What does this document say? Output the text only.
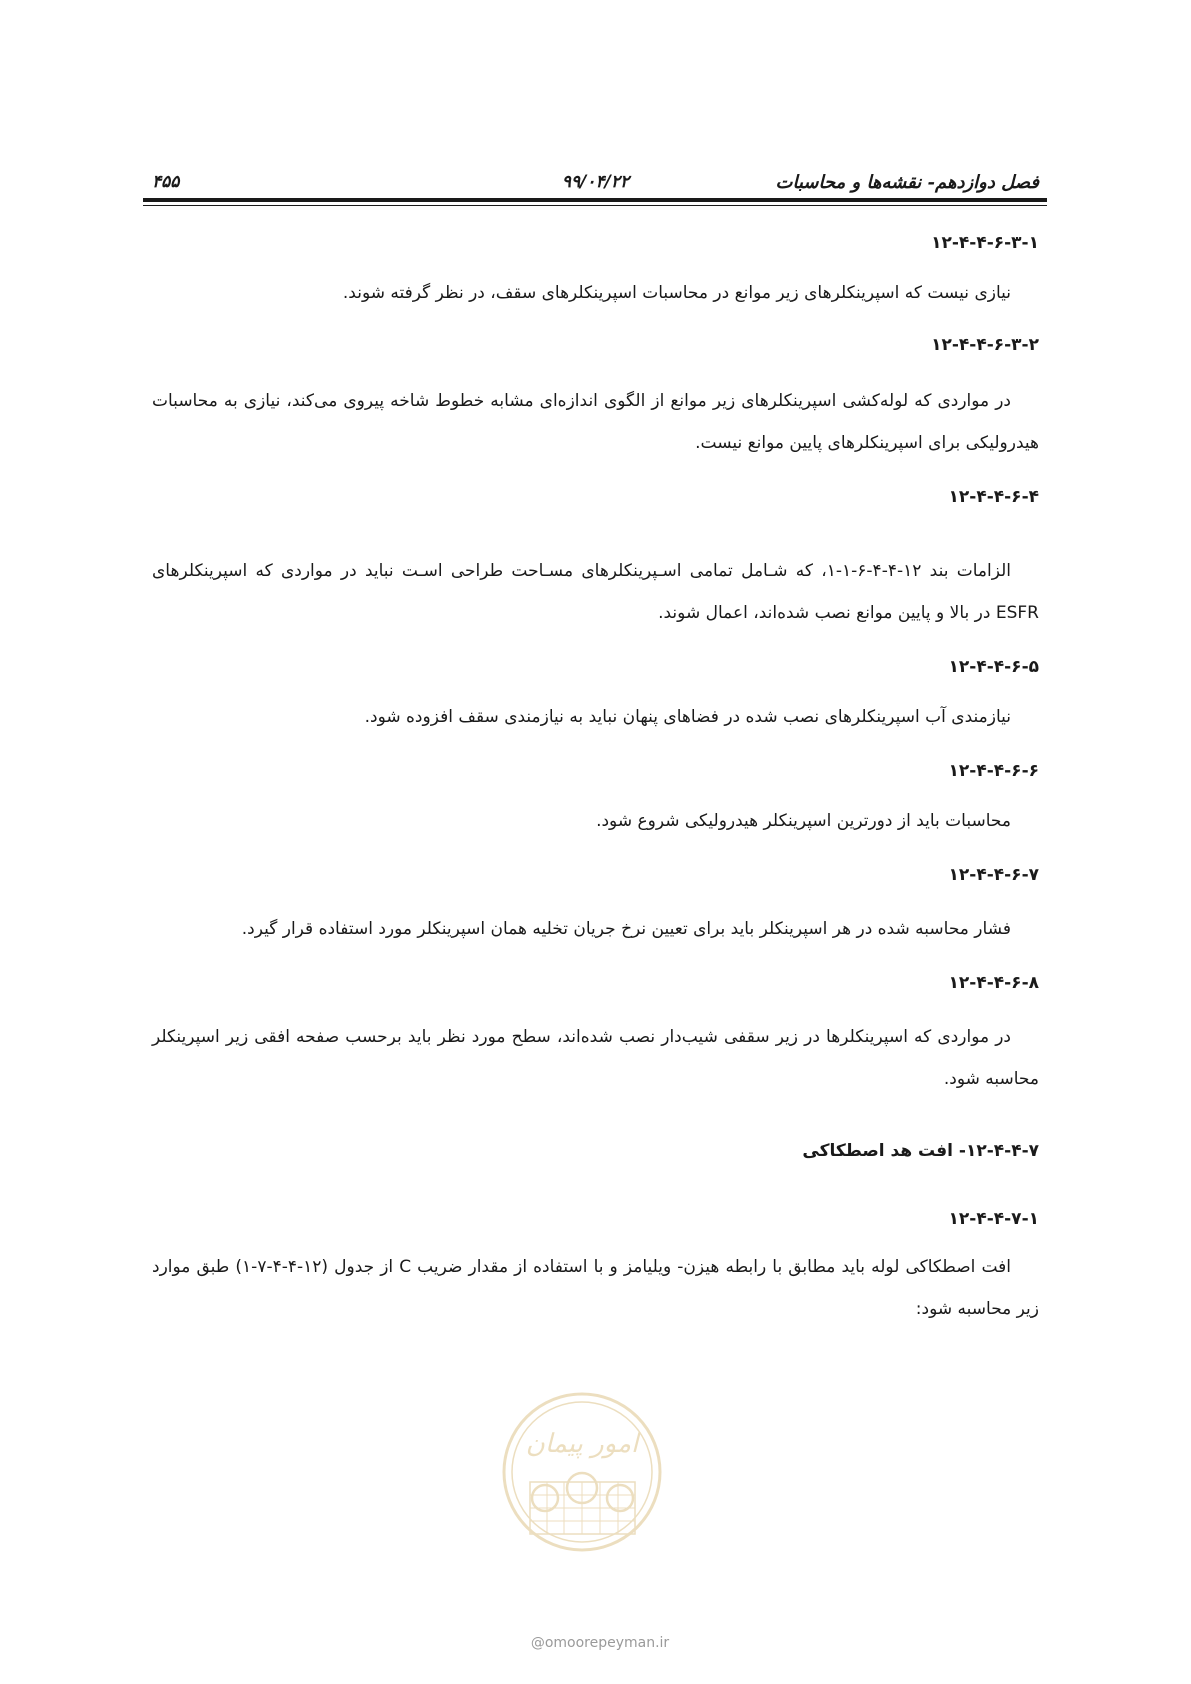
فصل دوازدهم- نقشه‌ها و محاسبات
۹۹/۰۴/۲۲
۴۵۵
۱۲-۴-۴-۶-۳-۱

نیازی نیست که اسپرینکلرهای زیر موانع در محاسبات اسپرینکلرهای سقف، در نظر گرفته شوند.

۱۲-۴-۴-۶-۳-۲

در مواردی که لوله‌کشی اسپرینکلرهای زیر موانع از الگوی اندازه‌ای مشابه خطوط شاخه پیروی می‌کند، نیازی به محاسبات هیدرولیکی برای اسپرینکلرهای پایین موانع نیست.

۱۲-۴-۴-۶-۴

الزامات بند ۱۲-۴-۴-۶-۱-۱، که شـامل تمامی اسـپرینکلرهای مسـاحت طراحی اسـت نباید در مواردی که اسپرینکلرهای ESFR در بالا و پایین موانع نصب شده‌اند، اعمال شوند.

۱۲-۴-۴-۶-۵

نیازمندی آب اسپرینکلرهای نصب شده در فضاهای پنهان نباید به نیازمندی سقف افزوده شود.

۱۲-۴-۴-۶-۶

محاسبات باید از دورترین اسپرینکلر هیدرولیکی شروع شود.

۱۲-۴-۴-۶-۷

فشار محاسبه شده در هر اسپرینکلر باید برای تعیین نرخ جریان تخلیه همان اسپرینکلر مورد استفاده قرار گیرد.

۱۲-۴-۴-۶-۸

در مواردی که اسپرینکلرها در زیر سقفی شیب‌دار نصب شده‌اند، سطح مورد نظر باید برحسب صفحه افقی زیر اسپرینکلر محاسبه شود.

۱۲-۴-۴-۷- افت هد اصطکاکی
۱۲-۴-۴-۷-۱

افت اصطکاکی لوله باید مطابق با رابطه هیزن- ویلیامز و با استفاده از مقدار ضریب C از جدول (۱۲-۴-۴-۷-۱) طبق موارد زیر محاسبه شود:

امور پیمان
@omoorepeyman.ir
